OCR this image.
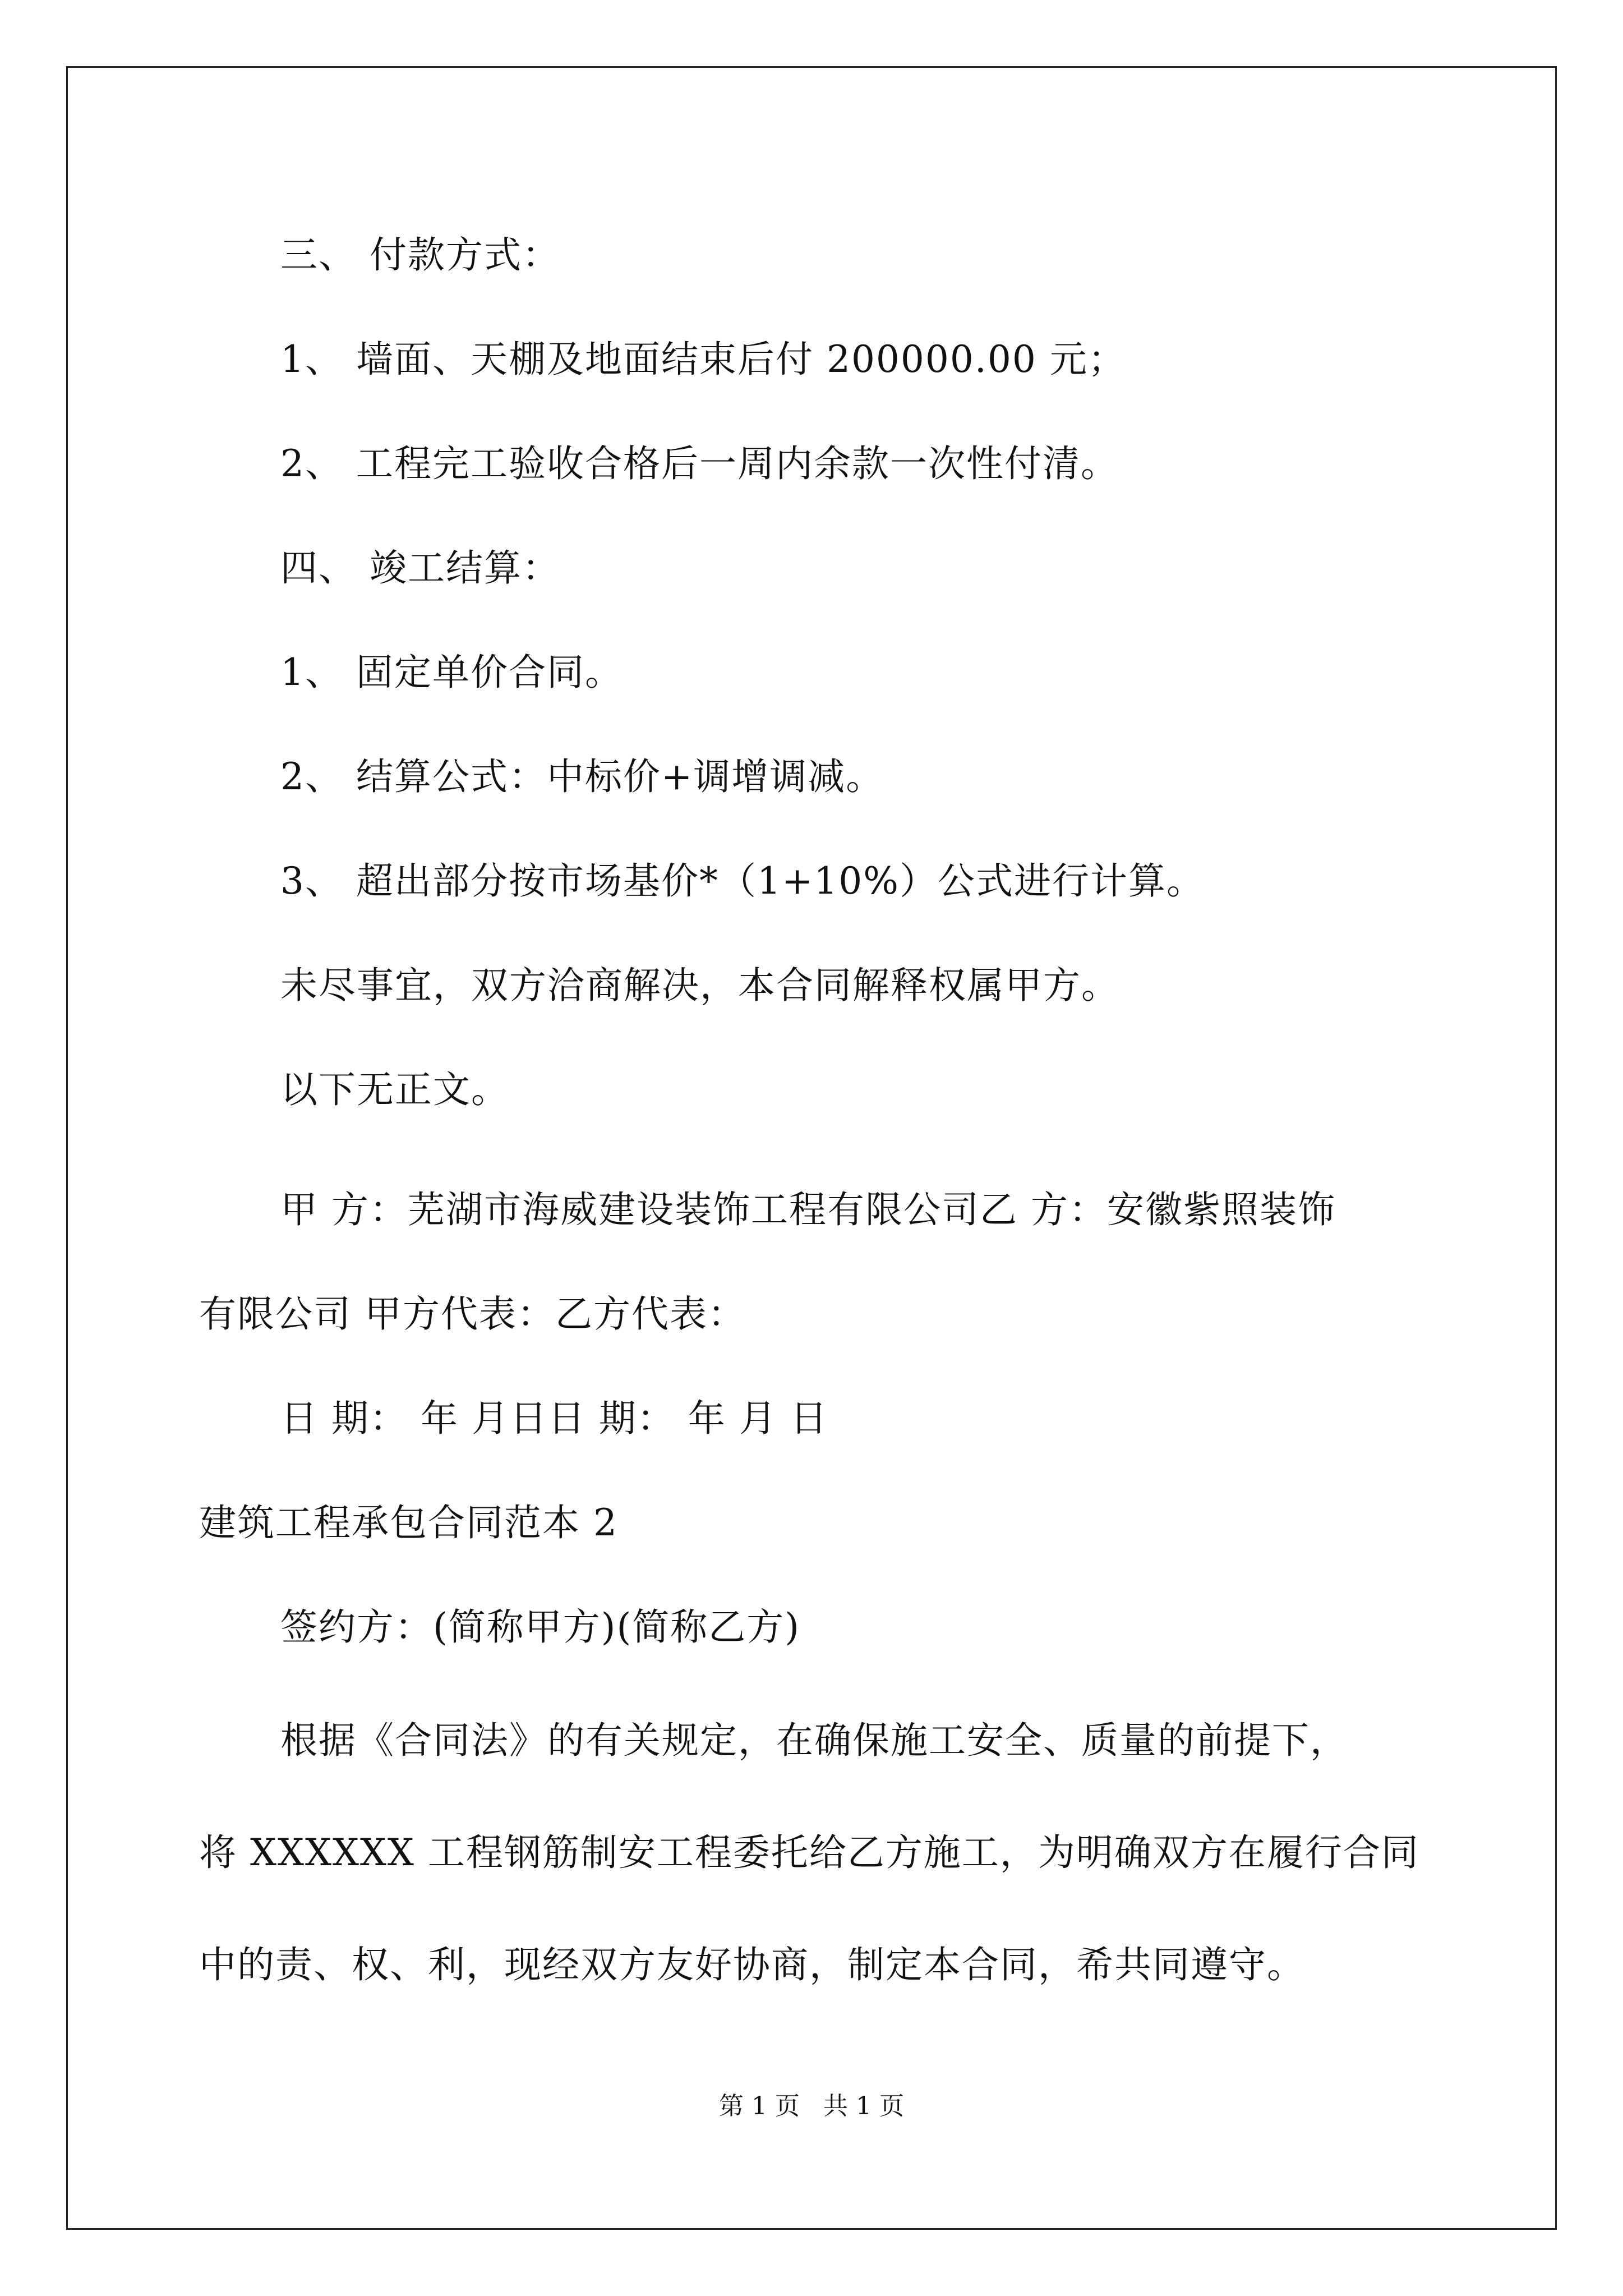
三、 付款方式：
1、 墙面、天棚及地面结束后付 200000.00 元；
2、 工程完工验收合格后一周内余款一次性付清。
四、 竣工结算：
1、 固定单价合同。
2、 结算公式：中标价+调增调减。
3、 超出部分按市场基价*（1+10%）公式进行计算。
未尽事宜，双方洽商解决，本合同解释权属甲方。
以下无正文。
甲 方：芜湖市海威建设装饰工程有限公司乙 方：安徽紫照装饰
有限公司 甲方代表：乙方代表：
日 期： 年 月日日 期： 年 月 日
建筑工程承包合同范本 2
签约方：(简称甲方)(简称乙方)
根据《合同法》的有关规定，在确保施工安全、质量的前提下，
将 XXXXXX 工程钢筋制安工程委托给乙方施工，为明确双方在履行合同
中的责、权、利，现经双方友好协商，制定本合同，希共同遵守。
第 1 页   共 1 页
